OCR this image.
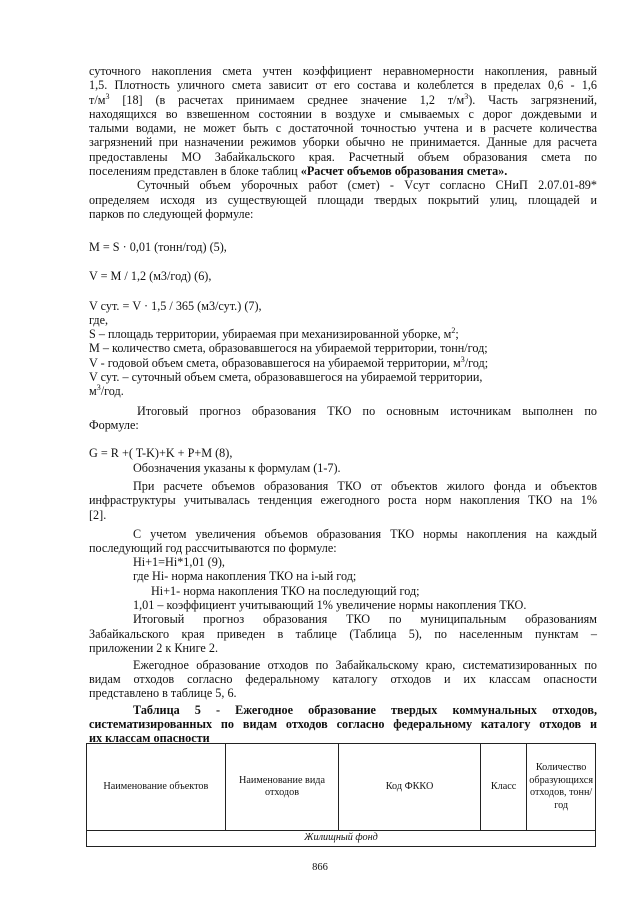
суточного накопления смета учтен коэффициент неравномерности накопления, равный
1,5. Плотность уличного смета зависит от его состава и колеблется в пределах 0,6 - 1,6
$т/м^3$ [18] (в расчетах принимаем среднее значение 1,2 $т/м^3$). Часть загрязнений,
находящихся во взвешенном состоянии в воздухе и смываемых с дорог дождевыми и
талыми водами, не может быть с достаточной точностью учтена и в расчете количества
загрязнений при назначении режимов уборки обычно не принимается. Данные для расчета
предоставлены МО Забайкальского края. Расчетный объем образования смета по
поселениям представлен в блоке таблиц «Расчет объемов образования смета».
Суточный объем уборочных работ (смет) - Vсут согласно СНиП 2.07.01-89*
определяем исходя из существующей площади твердых покрытий улиц, площадей и
парков по следующей формуле:
M = S · 0,01 (тонн/год) (5),
V = M / 1,2 (м3/год) (6),
V сут. = V · 1,5 / 365 (м3/сут.) (7),
где,
S – площадь территории, убираемая при механизированной уборке, $м^2$;
M – количество смета, образовавшегося на убираемой территории, тонн/год;
V - годовой объем смета, образовавшегося на убираемой территории, $м^3$/год;
V сут. – суточный объем смета, образовавшегося на убираемой территории,
$м^3$/год.
Итоговый прогноз образования ТКО по основным источникам выполнен по
Формуле:
G = R +( T-K)+K + P+M (8),
Обозначения указаны к формулам (1-7).
При расчете объемов образования ТКО от объектов жилого фонда и объектов
инфраструктуры учитывалась тенденция ежегодного роста норм накопления ТКО на 1%
[2].
С учетом увеличения объемов образования ТКО нормы накопления на каждый
последующий год рассчитываются по формуле:
Hi+1=Hi*1,01 (9),
где Hi- норма накопления ТКО на i-ый год;
Hi+1- норма накопления ТКО на последующий год;
1,01 – коэффициент учитывающий 1% увеличение нормы накопления ТКО.
Итоговый прогноз образования ТКО по муниципальным образованиям
Забайкальского края приведен в таблице (Таблица 5), по населенным пунктам –
приложении 2 к Книге 2.
Ежегодное образование отходов по Забайкальскому краю, систематизированных по
видам отходов согласно федеральному каталогу отходов и их классам опасности
представлено в таблице 5, 6.
Таблица 5 - Ежегодное образование твердых коммунальных отходов,
систематизированных по видам отходов согласно федеральному каталогу отходов и
их классам опасности
Наименование объектов	Наименование вида отходов	Код ФККО	Класс	Количество образующихся отходов, тонн/год
Жилищный фонд
866
